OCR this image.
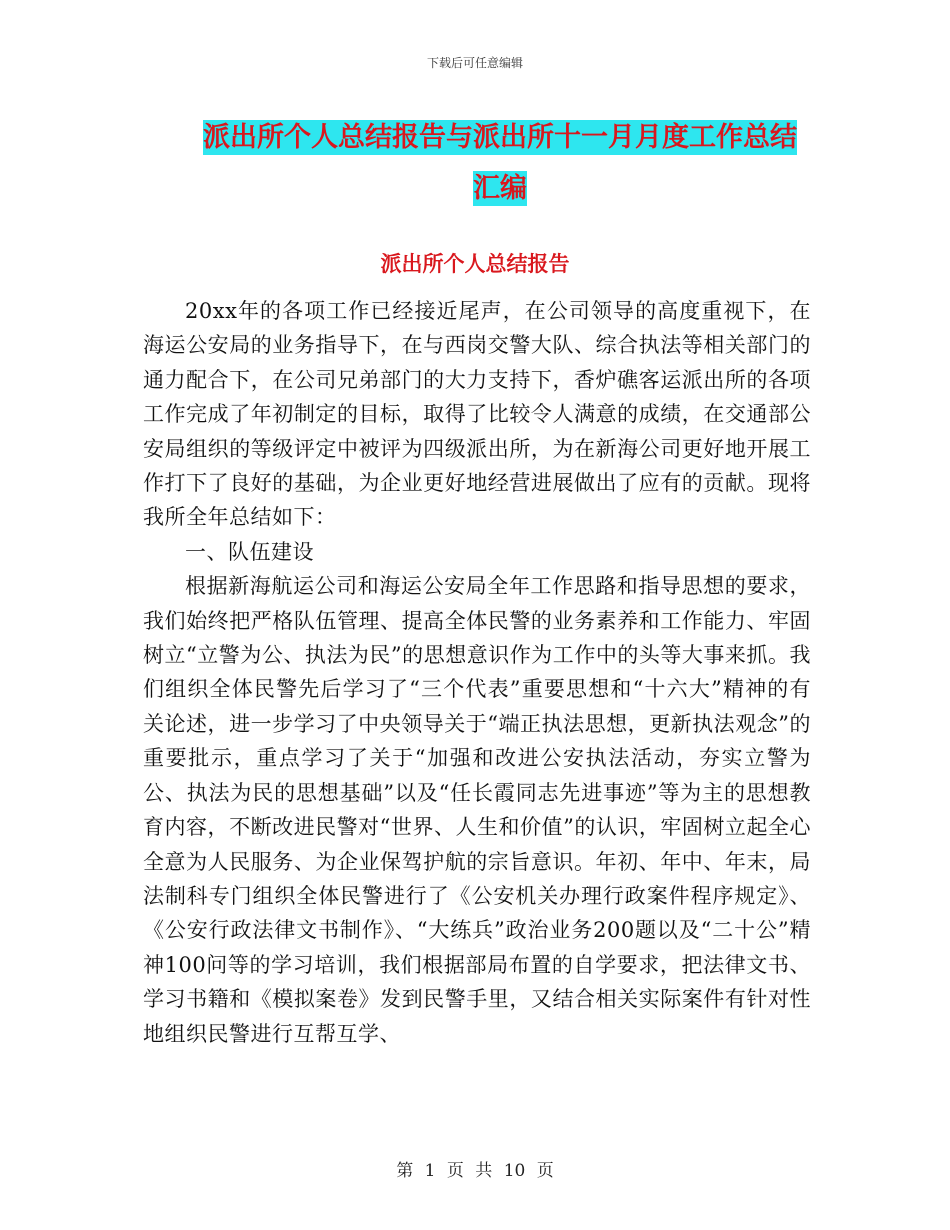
下载后可任意编辑
派出所个人总结报告与派出所十一月月度工作总结汇编
派出所个人总结报告

20xx年的各项工作已经接近尾声，在公司领导的高度重视下，在海运公安局的业务指导下，在与西岗交警大队、综合执法等相关部门的通力配合下，在公司兄弟部门的大力支持下，香炉礁客运派出所的各项工作完成了年初制定的目标，取得了比较令人满意的成绩，在交通部公安局组织的等级评定中被评为四级派出所，为在新海公司更好地开展工作打下了良好的基础，为企业更好地经营进展做出了应有的贡献。现将我所全年总结如下：

一、队伍建设

根据新海航运公司和海运公安局全年工作思路和指导思想的要求，我们始终把严格队伍管理、提高全体民警的业务素养和工作能力、牢固树立“立警为公、执法为民”的思想意识作为工作中的头等大事来抓。我们组织全体民警先后学习了“三个代表”重要思想和“十六大”精神的有关论述，进一步学习了中央领导关于“端正执法思想，更新执法观念”的重要批示，重点学习了关于“加强和改进公安执法活动，夯实立警为公、执法为民的思想基础”以及“任长霞同志先进事迹”等为主的思想教育内容，不断改进民警对“世界、人生和价值”的认识，牢固树立起全心全意为人民服务、为企业保驾护航的宗旨意识。年初、年中、年末，局法制科专门组织全体民警进行了《公安机关办理行政案件程序规定》、《公安行政法律文书制作》、“大练兵”政治业务200题以及“二十公”精神100问等的学习培训，我们根据部局布置的自学要求，把法律文书、学习书籍和《模拟案卷》发到民警手里，又结合相关实际案件有针对性地组织民警进行互帮互学、

第 1 页 共 10 页
